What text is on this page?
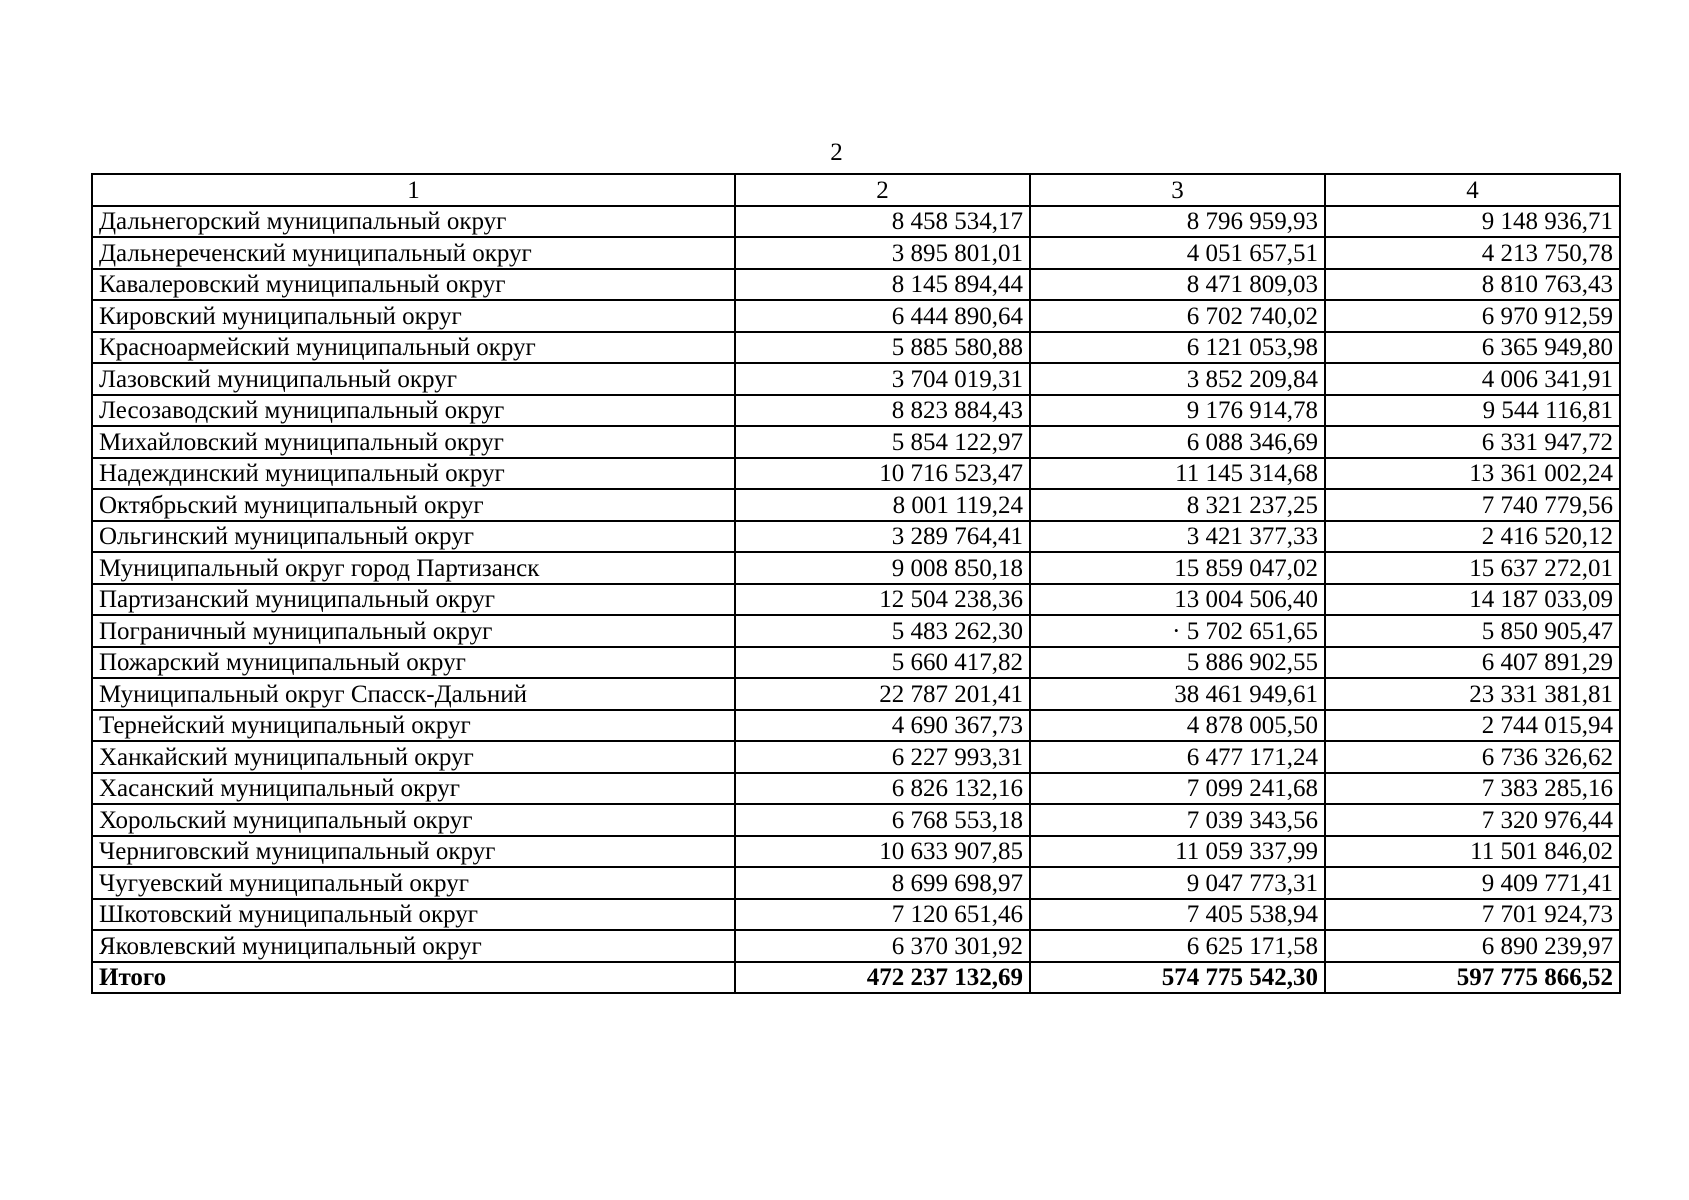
2
1	2	3	4
Дальнегорский муниципальный округ	8 458 534,17	8 796 959,93	9 148 936,71
Дальнереченский муниципальный округ	3 895 801,01	4 051 657,51	4 213 750,78
Кавалеровский муниципальный округ	8 145 894,44	8 471 809,03	8 810 763,43
Кировский муниципальный округ	6 444 890,64	6 702 740,02	6 970 912,59
Красноармейский муниципальный округ	5 885 580,88	6 121 053,98	6 365 949,80
Лазовский муниципальный округ	3 704 019,31	3 852 209,84	4 006 341,91
Лесозаводский муниципальный округ	8 823 884,43	9 176 914,78	9 544 116,81
Михайловский муниципальный округ	5 854 122,97	6 088 346,69	6 331 947,72
Надеждинский муниципальный округ	10 716 523,47	11 145 314,68	13 361 002,24
Октябрьский муниципальный округ	8 001 119,24	8 321 237,25	7 740 779,56
Ольгинский муниципальный округ	3 289 764,41	3 421 377,33	2 416 520,12
Муниципальный округ город Партизанск	9 008 850,18	15 859 047,02	15 637 272,01
Партизанский муниципальный округ	12 504 238,36	13 004 506,40	14 187 033,09
Пограничный муниципальный округ	5 483 262,30	· 5 702 651,65	5 850 905,47
Пожарский муниципальный округ	5 660 417,82	5 886 902,55	6 407 891,29
Муниципальный округ Спасск-Дальний	22 787 201,41	38 461 949,61	23 331 381,81
Тернейский муниципальный округ	4 690 367,73	4 878 005,50	2 744 015,94
Ханкайский муниципальный округ	6 227 993,31	6 477 171,24	6 736 326,62
Хасанский муниципальный округ	6 826 132,16	7 099 241,68	7 383 285,16
Хорольский муниципальный округ	6 768 553,18	7 039 343,56	7 320 976,44
Черниговский муниципальный округ	10 633 907,85	11 059 337,99	11 501 846,02
Чугуевский муниципальный округ	8 699 698,97	9 047 773,31	9 409 771,41
Шкотовский муниципальный округ	7 120 651,46	7 405 538,94	7 701 924,73
Яковлевский муниципальный округ	6 370 301,92	6 625 171,58	6 890 239,97
Итого	472 237 132,69	574 775 542,30	597 775 866,52
